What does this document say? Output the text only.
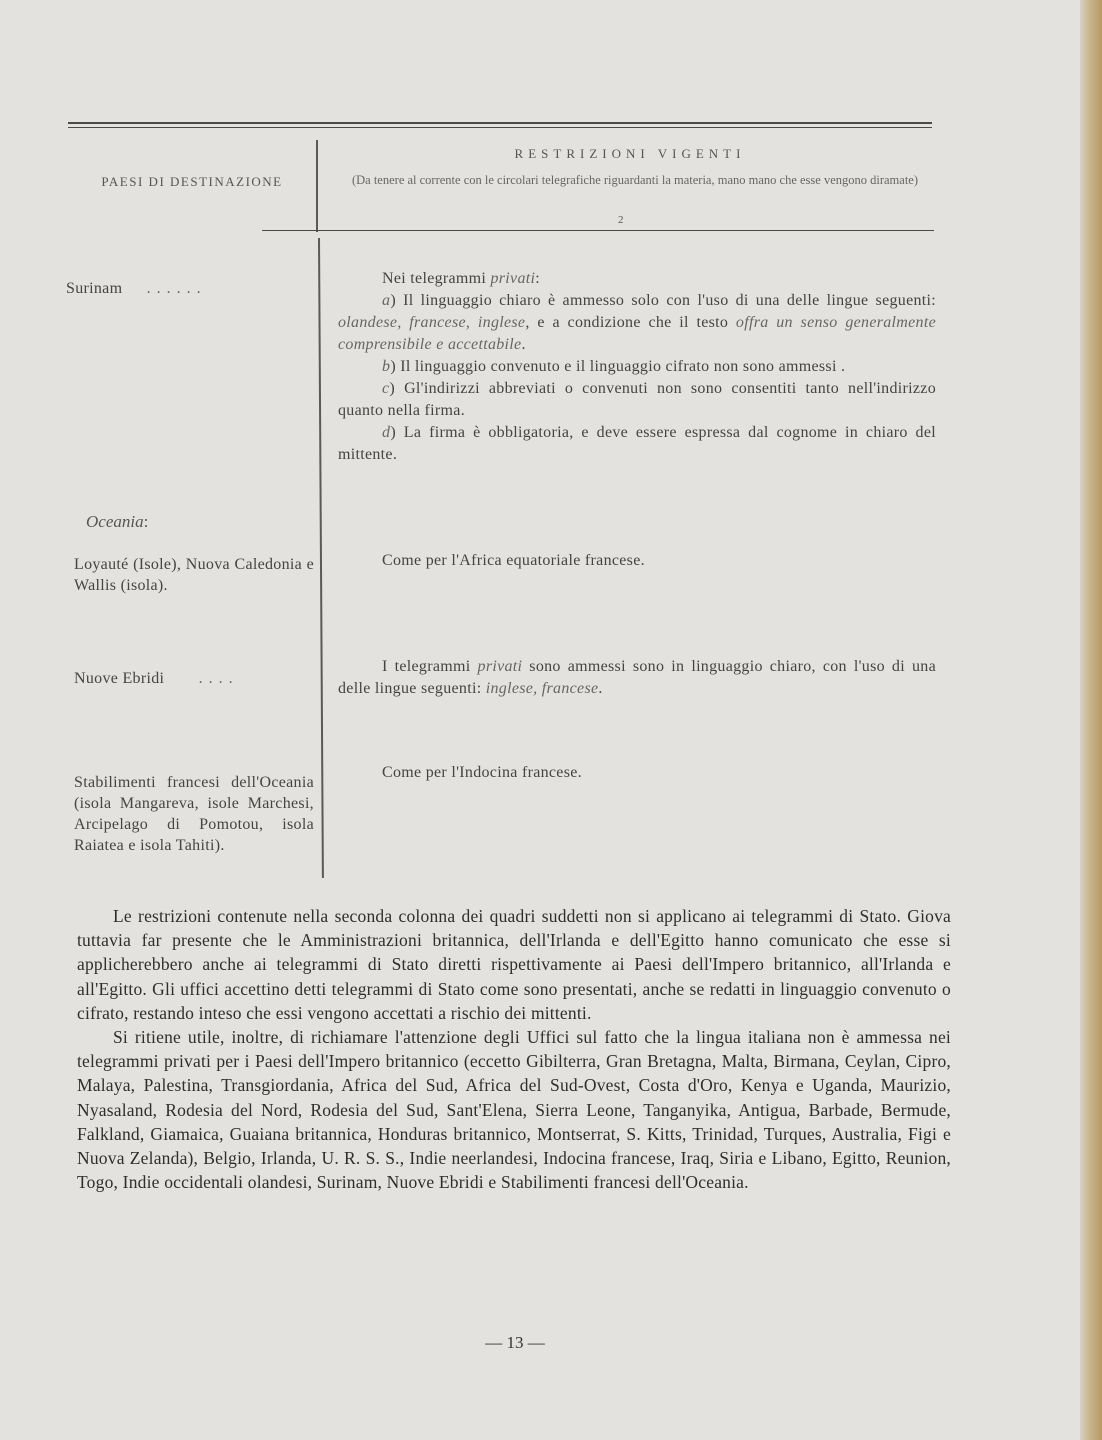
PAESI DI DESTINAZIONE
RESTRIZIONI VIGENTI
(Da tenere al corrente con le circolari telegrafiche riguardanti la materia, mano mano che esse vengono diramate)
2
Surinam ......

Nei telegrammi privati:

a) Il linguaggio chiaro è ammesso solo con l'uso di una delle lingue seguenti: olandese, francese, inglese, e a condizione che il testo offra un senso generalmente comprensibile e accettabile.

b) Il linguaggio convenuto e il linguaggio cifrato non sono ammessi .

c) Gl'indirizzi abbreviati o convenuti non sono consentiti tanto nell'indirizzo quanto nella firma.

d) La firma è obbligatoria, e deve essere espressa dal cognome in chiaro del mittente.

Oceania:
Loyauté (Isole), Nuova Caledonia e Wallis (isola).

Come per l'Africa equatoriale francese.

Nuove Ebridi ....

I telegrammi privati sono ammessi sono in linguaggio chiaro, con l'uso di una delle lingue seguenti: inglese, francese.

Stabilimenti francesi dell'Oceania (isola Mangareva, isole Marchesi, Arcipelago di Pomotou, isola Raiatea e isola Tahiti).

Come per l'Indocina francese.

Le restrizioni contenute nella seconda colonna dei quadri suddetti non si applicano ai telegrammi di Stato. Giova tuttavia far presente che le Amministrazioni britannica, dell'Irlanda e dell'Egitto hanno comunicato che esse si applicherebbero anche ai telegrammi di Stato diretti rispettivamente ai Paesi dell'Impero britannico, all'Irlanda e all'Egitto. Gli uffici accettino detti telegrammi di Stato come sono presentati, anche se redatti in linguaggio convenuto o cifrato, restando inteso che essi vengono accettati a rischio dei mittenti.

Si ritiene utile, inoltre, di richiamare l'attenzione degli Uffici sul fatto che la lingua italiana non è ammessa nei telegrammi privati per i Paesi dell'Impero britannico (eccetto Gibilterra, Gran Bretagna, Malta, Birmana, Ceylan, Cipro, Malaya, Palestina, Transgiordania, Africa del Sud, Africa del Sud-Ovest, Costa d'Oro, Kenya e Uganda, Maurizio, Nyasaland, Rodesia del Nord, Rodesia del Sud, Sant'Elena, Sierra Leone, Tanganyika, Antigua, Barbade, Bermude, Falkland, Giamaica, Guaiana britannica, Honduras britannico, Montserrat, S. Kitts, Trinidad, Turques, Australia, Figi e Nuova Zelanda), Belgio, Irlanda, U. R. S. S., Indie neerlandesi, Indocina francese, Iraq, Siria e Libano, Egitto, Reunion, Togo, Indie occidentali olandesi, Surinam, Nuove Ebridi e Stabilimenti francesi dell'Oceania.

— 13 —
